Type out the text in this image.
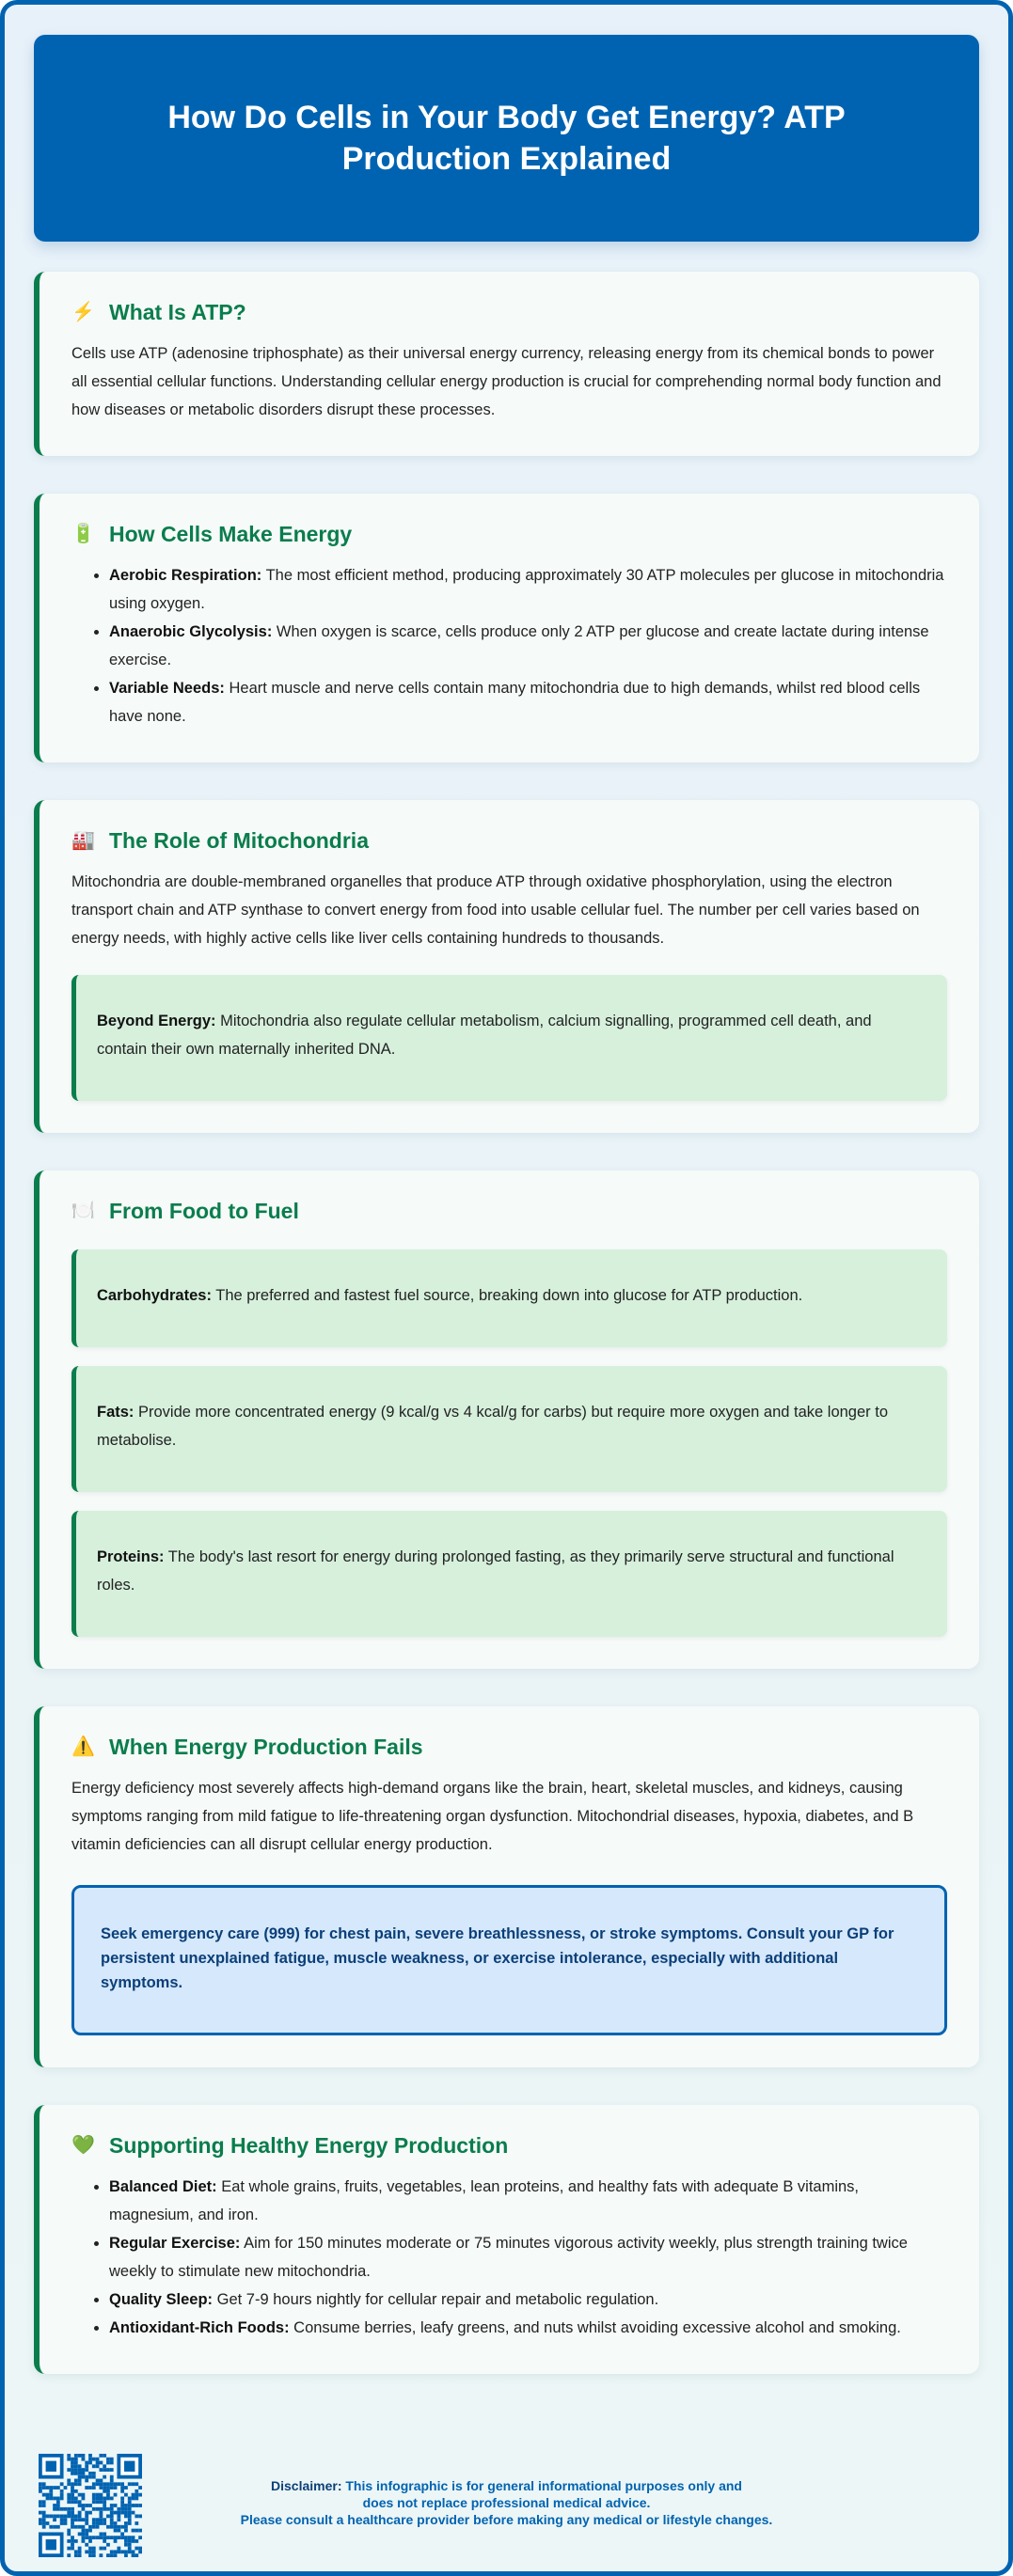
How Do Cells in Your Body Get Energy? ATP Production Explained
⚡ What Is ATP?

Cells use ATP (adenosine triphosphate) as their universal energy currency, releasing energy from its chemical bonds to power all essential cellular functions. Understanding cellular energy production is crucial for comprehending normal body function and how diseases or metabolic disorders disrupt these processes.

🔋 How Cells Make Energy
• Aerobic Respiration: The most efficient method, producing approximately 30 ATP molecules per glucose in mitochondria using oxygen.
• Anaerobic Glycolysis: When oxygen is scarce, cells produce only 2 ATP per glucose and create lactate during intense exercise.
• Variable Needs: Heart muscle and nerve cells contain many mitochondria due to high demands, whilst red blood cells have none.
🏭 The Role of Mitochondria

Mitochondria are double-membraned organelles that produce ATP through oxidative phosphorylation, using the electron transport chain and ATP synthase to convert energy from food into usable cellular fuel. The number per cell varies based on energy needs, with highly active cells like liver cells containing hundreds to thousands.

Beyond Energy: Mitochondria also regulate cellular metabolism, calcium signalling, programmed cell death, and contain their own maternally inherited DNA.

🍽️ From Food to Fuel

Carbohydrates: The preferred and fastest fuel source, breaking down into glucose for ATP production.

Fats: Provide more concentrated energy (9 kcal/g vs 4 kcal/g for carbs) but require more oxygen and take longer to metabolise.

Proteins: The body's last resort for energy during prolonged fasting, as they primarily serve structural and functional roles.

⚠️ When Energy Production Fails

Energy deficiency most severely affects high-demand organs like the brain, heart, skeletal muscles, and kidneys, causing symptoms ranging from mild fatigue to life-threatening organ dysfunction. Mitochondrial diseases, hypoxia, diabetes, and B vitamin deficiencies can all disrupt cellular energy production.

Seek emergency care (999) for chest pain, severe breathlessness, or stroke symptoms. Consult your GP for persistent unexplained fatigue, muscle weakness, or exercise intolerance, especially with additional symptoms.

💚 Supporting Healthy Energy Production
• Balanced Diet: Eat whole grains, fruits, vegetables, lean proteins, and healthy fats with adequate B vitamins, magnesium, and iron.
• Regular Exercise: Aim for 150 minutes moderate or 75 minutes vigorous activity weekly, plus strength training twice weekly to stimulate new mitochondria.
• Quality Sleep: Get 7-9 hours nightly for cellular repair and metabolic regulation.
• Antioxidant-Rich Foods: Consume berries, leafy greens, and nuts whilst avoiding excessive alcohol and smoking.
Disclaimer: This infographic is for general informational purposes only and does not replace professional medical advice.
Please consult a healthcare provider before making any medical or lifestyle changes.
